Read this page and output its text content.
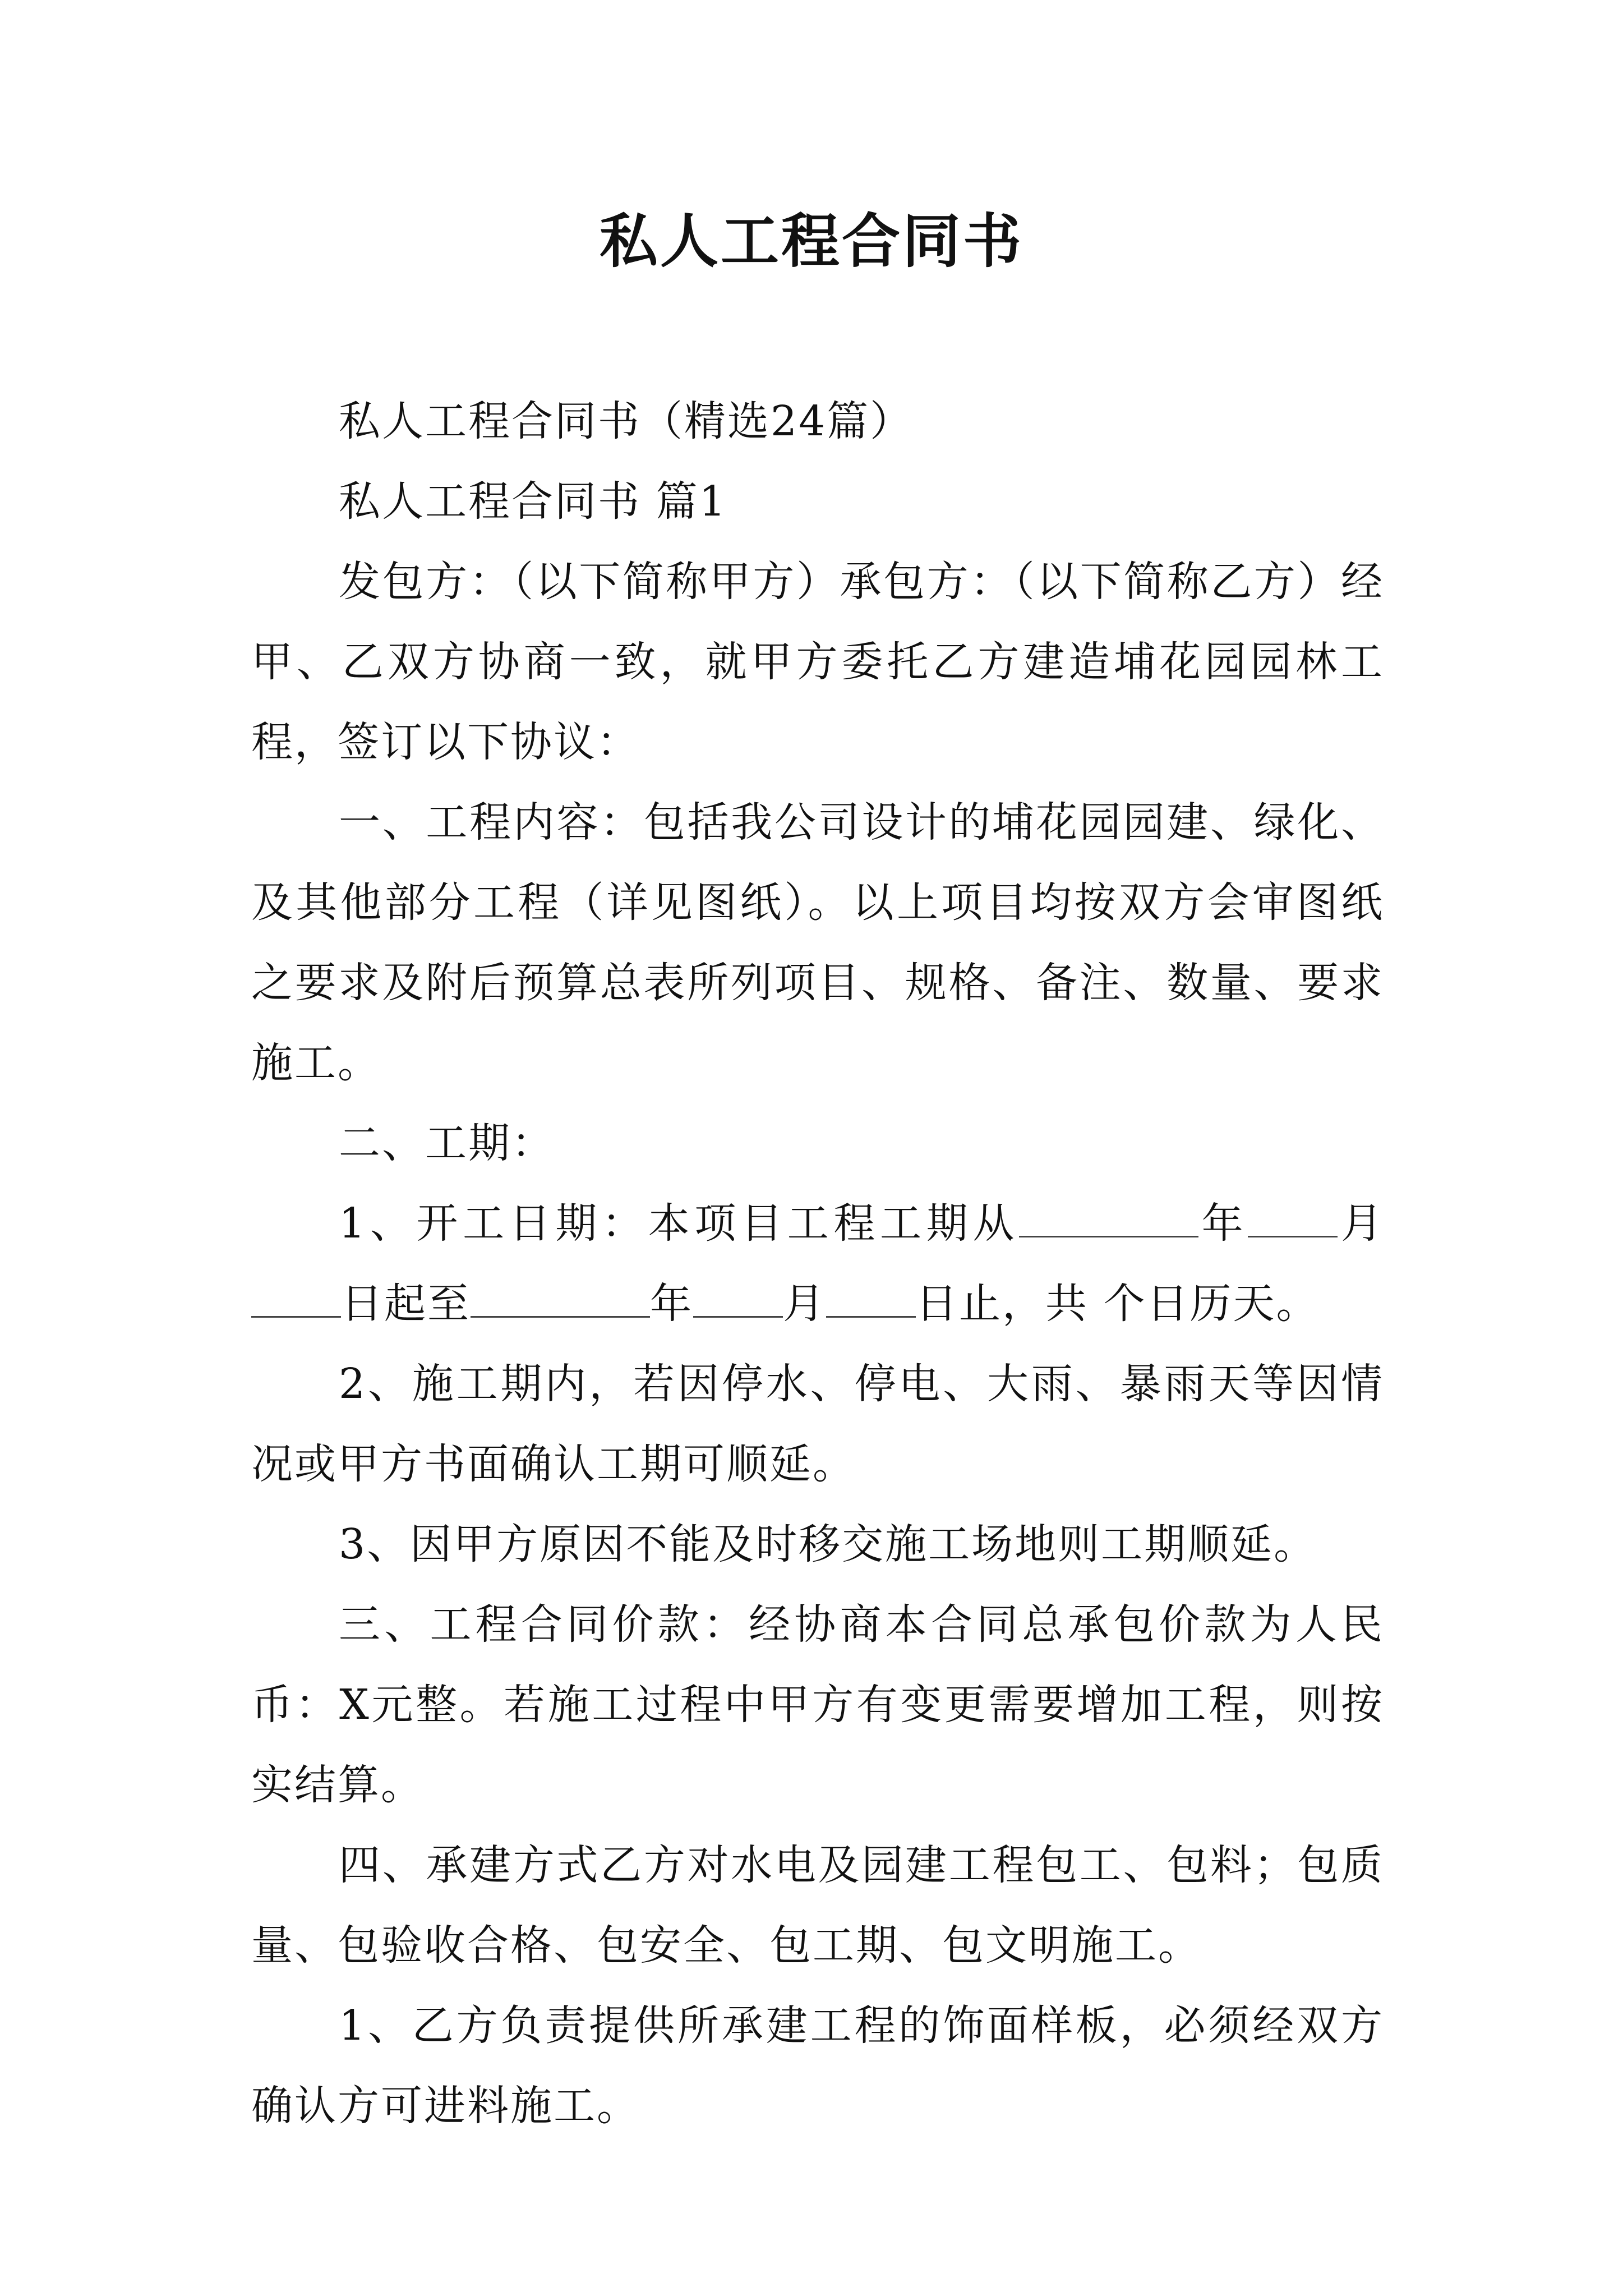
私人工程合同书

私人工程合同书（精选24篇）

私人工程合同书 篇1

发包方：（以下简称甲方）承包方：（以下简称乙方）经甲、乙双方协商一致，就甲方委托乙方建造埔花园园林工程，签订以下协议：

一、工程内容：包括我公司设计的埔花园园建、绿化、及其他部分工程（详见图纸）。以上项目均按双方会审图纸之要求及附后预算总表所列项目、规格、备注、数量、要求施工。

二、工期：

1、开工日期：本项目工程工期从	年 月日起至	年 月 日止，共 个日历天。

2、施工期内，若因停水、停电、大雨、暴雨天等因情况或甲方书面确认工期可顺延。

3、因甲方原因不能及时移交施工场地则工期顺延。

三、工程合同价款：经协商本合同总承包价款为人民币：X元整。若施工过程中甲方有变更需要增加工程，则按实结算。

四、承建方式乙方对水电及园建工程包工、包料；包质量、包验收合格、包安全、包工期、包文明施工。

1、乙方负责提供所承建工程的饰面样板，必须经双方确认方可进料施工。
